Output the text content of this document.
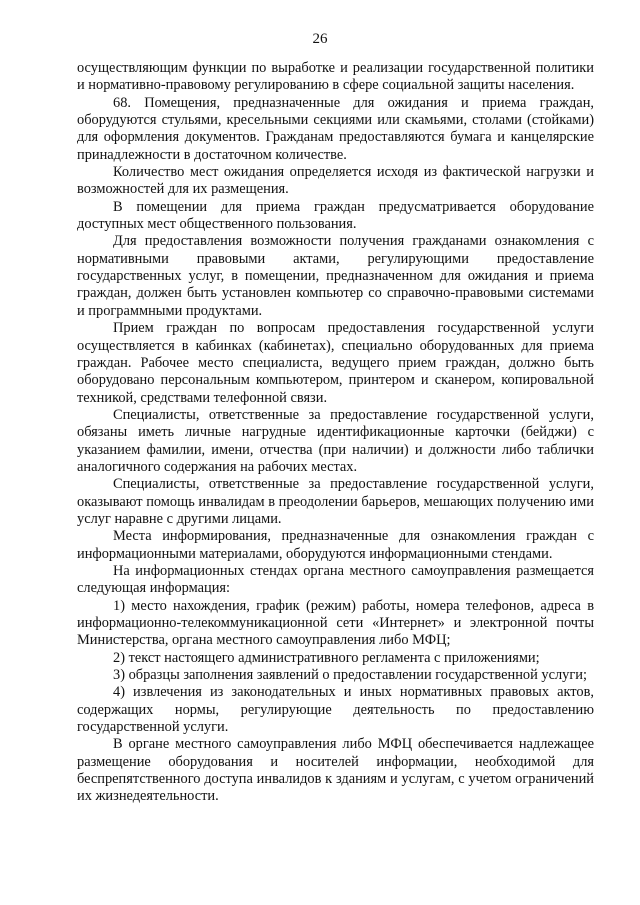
26

осуществляющим функции по выработке и реализации государственной политики и нормативно-правовому регулированию в сфере социальной защиты населения.

68. Помещения, предназначенные для ожидания и приема граждан, оборудуются стульями, кресельными секциями или скамьями, столами (стойками) для оформления документов. Гражданам предоставляются бумага и канцелярские принадлежности в достаточном количестве.

Количество мест ожидания определяется исходя из фактической нагрузки и возможностей для их размещения.

В помещении для приема граждан предусматривается оборудование доступных мест общественного пользования.

Для предоставления возможности получения гражданами ознакомления с нормативными правовыми актами, регулирующими предоставление государственных услуг, в помещении, предназначенном для ожидания и приема граждан, должен быть установлен компьютер со справочно-правовыми системами и программными продуктами.

Прием граждан по вопросам предоставления государственной услуги осуществляется в кабинках (кабинетах), специально оборудованных для приема граждан. Рабочее место специалиста, ведущего прием граждан, должно быть оборудовано персональным компьютером, принтером и сканером, копировальной техникой, средствами телефонной связи.

Специалисты, ответственные за предоставление государственной услуги, обязаны иметь личные нагрудные идентификационные карточки (бейджи) с указанием фамилии, имени, отчества (при наличии) и должности либо таблички аналогичного содержания на рабочих местах.

Специалисты, ответственные за предоставление государственной услуги, оказывают помощь инвалидам в преодолении барьеров, мешающих получению ими услуг наравне с другими лицами.

Места информирования, предназначенные для ознакомления граждан с информационными материалами, оборудуются информационными стендами.

На информационных стендах органа местного самоуправления размещается следующая информация:

1) место нахождения, график (режим) работы, номера телефонов, адреса в информационно-телекоммуникационной сети «Интернет» и электронной почты Министерства, органа местного самоуправления либо МФЦ;

2) текст настоящего административного регламента с приложениями;

3) образцы заполнения заявлений о предоставлении государственной услуги;

4) извлечения из законодательных и иных нормативных правовых актов, содержащих нормы, регулирующие деятельность по предоставлению государственной услуги.

В органе местного самоуправления либо МФЦ обеспечивается надлежащее размещение оборудования и носителей информации, необходимой для беспрепятственного доступа инвалидов к зданиям и услугам, с учетом ограничений их жизнедеятельности.
